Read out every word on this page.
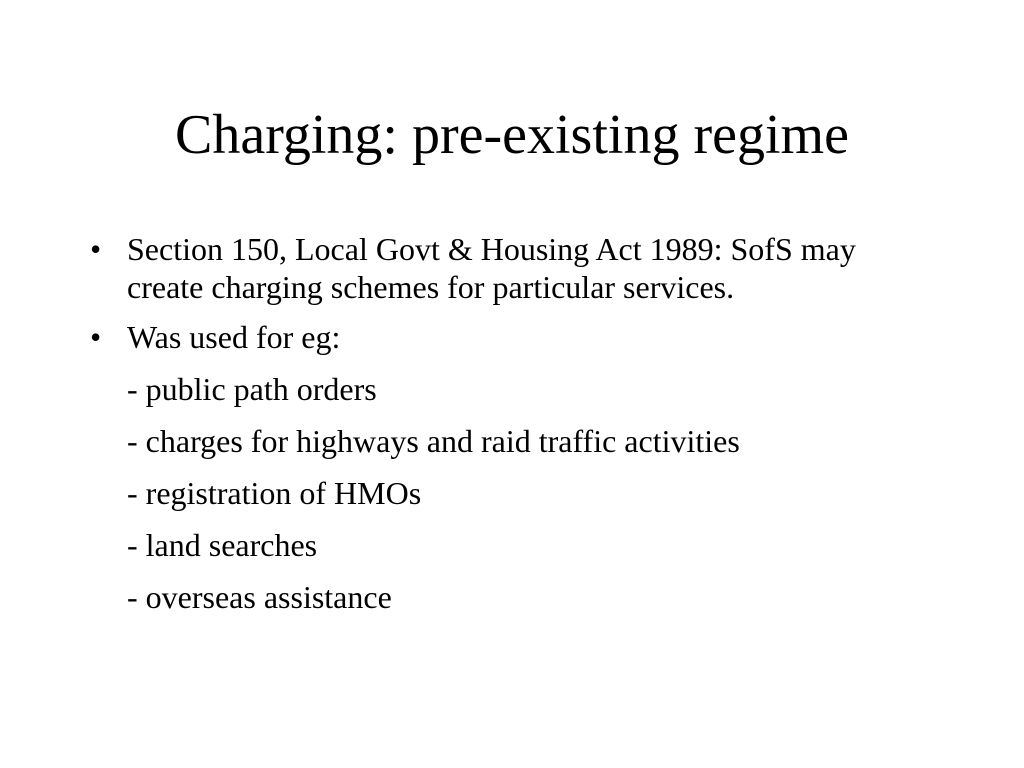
Charging: pre-existing regime
• Section 150, Local Govt & Housing Act 1989: SofS may create charging schemes for particular services.
• Was used for eg:
- public path orders
- charges for highways and raid traffic activities
- registration of HMOs
- land searches
- overseas assistance
